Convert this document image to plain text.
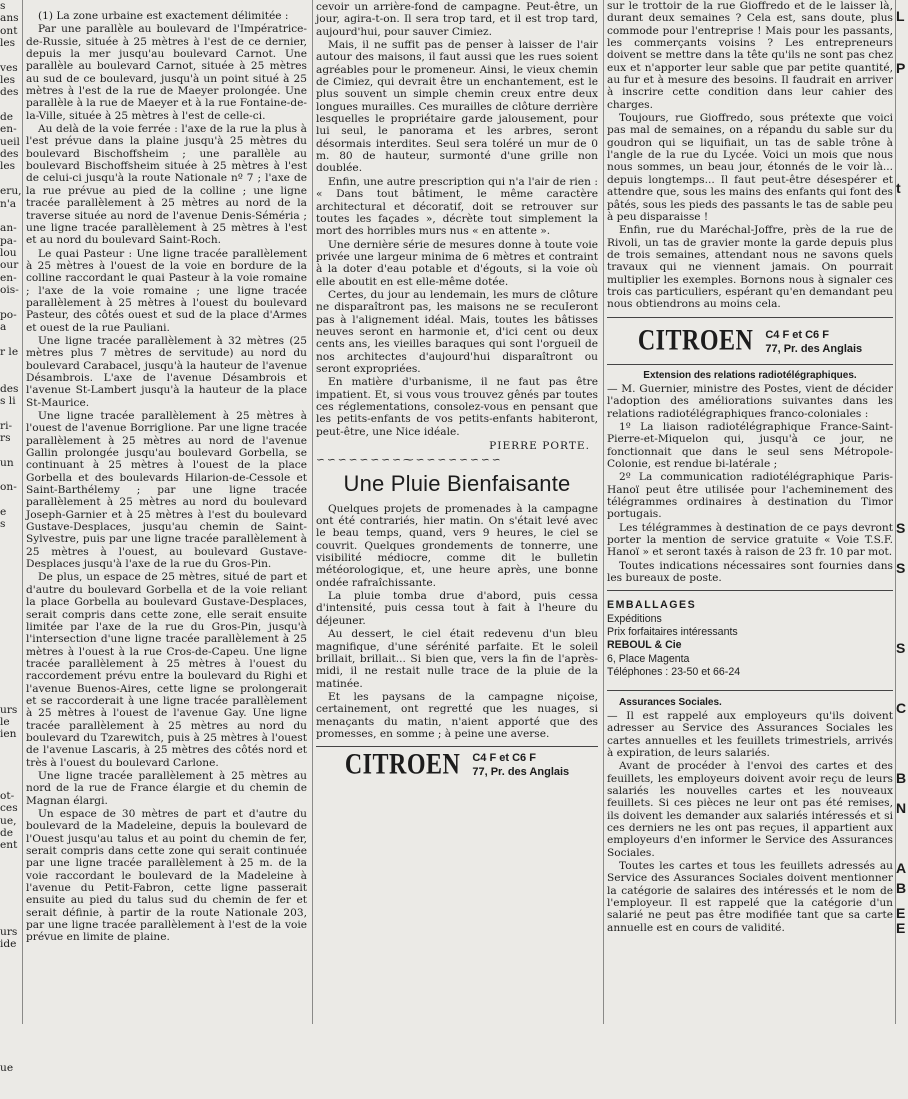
s
ans
ont
les

ves
les
des

de
en-
ueil
des
les

eru,
n'a

an-
pa-
lou
our
en-
ois-

po-
a

r le

des
s li

ri-
rs

un

on-

e
s

urs
le
ien

ot-
ces
ue,
de
ent

urs
ide

ue

(1) La zone urbaine est exactement délimitée :

Par une parallèle au boulevard de l'Impératrice-de-Russie, située à 25 mètres à l'est de ce dernier, depuis la mer jusqu'au boulevard Carnot. Une parallèle au boulevard Carnot, située à 25 mètres au sud de ce boulevard, jusqu'à un point situé à 25 mètres à l'est de la rue de Maeyer prolongée. Une parallèle à la rue de Maeyer et à la rue Fontaine-de-la-Ville, située à 25 mètres à l'est de celle-ci.

Au delà de la voie ferrée : l'axe de la rue la plus à l'est prévue dans la plaine jusqu'à 25 mètres du boulevard Bischoffsheim ; une parallèle au boulevard Bischoffsheim située à 25 mètres à l'est de celui-ci jusqu'à la route Nationale nº 7 ; l'axe de la rue prévue au pied de la colline ; une ligne tracée parallèlement à 25 mètres au nord de la traverse située au nord de l'avenue Denis-Séméria ; une ligne tracée parallèlement à 25 mètres à l'est et au nord du boulevard Saint-Roch.

Le quai Pasteur : Une ligne tracée parallèlement à 25 mètres à l'ouest de la voie en bordure de la colline raccordant le quai Pasteur à la voie romaine ; l'axe de la voie romaine ; une ligne tracée parallèlement à 25 mètres à l'ouest du boulevard Pasteur, des côtés ouest et sud de la place d'Armes et ouest de la rue Pauliani.

Une ligne tracée parallèlement à 32 mètres (25 mètres plus 7 mètres de servitude) au nord du boulevard Carabacel, jusqu'à la hauteur de l'avenue Désambrois. L'axe de l'avenue Désambrois et l'avenue St-Lambert jusqu'à la hauteur de la place St-Maurice.

Une ligne tracée parallèlement à 25 mètres à l'ouest de l'avenue Borriglione. Par une ligne tracée parallèlement à 25 mètres au nord de l'avenue Gallin prolongée jusqu'au boulevard Gorbella, se continuant à 25 mètres à l'ouest de la place Gorbella et des boulevards Hilarion-de-Cessole et Saint-Barthélemy ; par une ligne tracée parallèlement à 25 mètres au nord du boulevard Joseph-Garnier et à 25 mètres à l'est du boulevard Gustave-Desplaces, jusqu'au chemin de Saint-Sylvestre, puis par une ligne tracée parallèlement à 25 mètres à l'ouest, au boulevard Gustave-Desplaces jusqu'à l'axe de la rue du Gros-Pin.

De plus, un espace de 25 mètres, situé de part et d'autre du boulevard Gorbella et de la voie reliant la place Gorbella au boulevard Gustave-Desplaces, serait compris dans cette zone, elle serait ensuite limitée par l'axe de la rue du Gros-Pin, jusqu'à l'intersection d'une ligne tracée parallèlement à 25 mètres à l'ouest à la rue Cros-de-Capeu. Une ligne tracée parallèlement à 25 mètres à l'ouest du raccordement prévu entre la boulevard du Righi et l'avenue Buenos-Aires, cette ligne se prolongerait et se raccorderait à une ligne tracée parallèlement à 25 mètres à l'ouest de l'avenue Gay. Une ligne tracée parallèlement à 25 mètres au nord du boulevard du Tzarewitch, puis à 25 mètres à l'ouest de l'avenue Lascaris, à 25 mètres des côtés nord et très à l'ouest du boulevard Carlone.

Une ligne tracée parallèlement à 25 mètres au nord de la rue de France élargie et du chemin de Magnan élargi.

Un espace de 30 mètres de part et d'autre du boulevard de la Madeleine, depuis la boulevard de l'Ouest jusqu'au talus et au point du chemin de fer, serait compris dans cette zone qui serait continuée par une ligne tracée parallèlement à 25 m. de la voie raccordant le boulevard de la Madeleine à l'avenue du Petit-Fabron, cette ligne passerait ensuite au pied du talus sud du chemin de fer et serait définie, à partir de la route Nationale 203, par une ligne tracée parallèlement à l'est de la voie prévue en limite de plaine.

cevoir un arrière-fond de campagne. Peut-être, un jour, agira-t-on. Il sera trop tard, et il est trop tard, aujourd'hui, pour sauver Cimiez.

Mais, il ne suffit pas de penser à laisser de l'air autour des maisons, il faut aussi que les rues soient agréables pour le promeneur. Ainsi, le vieux chemin de Cimiez, qui devrait être un enchantement, est le plus souvent un simple chemin creux entre deux longues murailles. Ces murailles de clôture derrière lesquelles le propriétaire garde jalousement, pour lui seul, le panorama et les arbres, seront désormais interdites. Seul sera toléré un mur de 0 m. 80 de hauteur, surmonté d'une grille non doublée.

Enfin, une autre prescription qui n'a l'air de rien : « Dans tout bâtiment, le même caractère architectural et décoratif, doit se retrouver sur toutes les façades », décrète tout simplement la mort des horribles murs nus « en attente ».

Une dernière série de mesures donne à toute voie privée une largeur minima de 6 mètres et contraint à la doter d'eau potable et d'égouts, si la voie où elle aboutit en est elle-même dotée.

Certes, du jour au lendemain, les murs de clôture ne disparaîtront pas, les maisons ne se recuIeront pas à l'alignement idéal. Mais, toutes les bâtisses neuves seront en harmonie et, d'ici cent ou deux cents ans, les vieilles baraques qui sont l'orgueil de nos architectes d'aujourd'hui disparaîtront ou seront expropriées.

En matière d'urbanisme, il ne faut pas être impatient. Et, si vous vous trouvez gênés par toutes ces réglementations, consolez-vous en pensant que les petits-enfants de vos petits-enfants habiteront, peut-être, une Nice idéale.

PIERRE PORTE.

∽∽∽∽∽∽∽∽⁓∽∽∽∽∽∽∽∽

Une Pluie Bienfaisante

Quelques projets de promenades à la campagne ont été contrariés, hier matin. On s'était levé avec le beau temps, quand, vers 9 heures, le ciel se couvrit. Quelques grondements de tonnerre, une visibilité médiocre, comme dit le bulletin météorologique, et, une heure après, une bonne ondée rafraîchissante.

La pluie tomba drue d'abord, puis cessa d'intensité, puis cessa tout à fait à l'heure du déjeuner.

Au dessert, le ciel était redevenu d'un bleu magnifique, d'une sérénité parfaite. Et le soleil brillait, brillait... Si bien que, vers la fin de l'après-midi, il ne restait nulle trace de la pluie de la matinée.

Et les paysans de la campagne niçoise, certainement, ont regretté que les nuages, si menaçants du matin, n'aient apporté que des promesses, en somme ; à peine une averse.

CITROEN C4 F et C6 F
77, Pr. des Anglais

sur le trottoir de la rue Gioffredo et de le laisser là, durant deux semaines ? Cela est, sans doute, plus commode pour l'entreprise ! Mais pour les passants, les commerçants voisins ? Les entrepreneurs doivent se mettre dans la tête qu'ils ne sont pas chez eux et n'apporter leur sable que par petite quantité, au fur et à mesure des besoins. Il faudrait en arriver à inscrire cette condition dans leur cahier des charges.

Toujours, rue Gioffredo, sous prétexte que voici pas mal de semaines, on a répandu du sable sur du goudron qui se liquifiait, un tas de sable trône à l'angle de la rue du Lycée. Voici un mois que nous nous sommes, un beau jour, étonnés de le voir là... depuis longtemps... Il faut peut-être désespérer et attendre que, sous les mains des enfants qui font des pâtés, sous les pieds des passants le tas de sable peu à peu disparaisse !

Enfin, rue du Maréchal-Joffre, près de la rue de Rivoli, un tas de gravier monte la garde depuis plus de trois semaines, attendant nous ne savons quels travaux qui ne viennent jamais. On pourrait multiplier les exemples. Bornons nous à signaler ces trois cas particuliers, espérant qu'en demandant peu nous obtiendrons au moins cela.

CITROEN C4 F et C6 F
77, Pr. des Anglais

Extension des relations radiotélégraphiques.

— M. Guernier, ministre des Postes, vient de décider l'adoption des améliorations suivantes dans les relations radiotélégraphiques franco-coloniales :

1º La liaison radiotélégraphique France-Saint-Pierre-et-Miquelon qui, jusqu'à ce jour, ne fonctionnait que dans le seul sens Métropole-Colonie, est rendue bi-latérale ;

2º La communication radiotélégraphique Paris-Hanoï peut être utilisée pour l'acheminement des télégrammes ordinaires à destination du Timor portugais.

Les télégrammes à destination de ce pays devront porter la mention de service gratuite « Voie T.S.F. Hanoï » et seront taxés à raison de 23 fr. 10 par mot.

Toutes indications nécessaires sont fournies dans les bureaux de poste.

EMBALLAGES

Expéditions

Prix forfaitaires intéressants

REBOUL & Cie

6, Place Magenta

Téléphones : 23-50 et 66-24

Assurances Sociales.

— Il est rappelé aux employeurs qu'ils doivent adresser au Service des Assurances Sociales les cartes annuelles et les feuillets trimestriels, arrivés à expiration, de leurs salariés.

Avant de procéder à l'envoi des cartes et des feuillets, les employeurs doivent avoir reçu de leurs salariés les nouvelles cartes et les nouveaux feuillets. Si ces pièces ne leur ont pas été remises, ils doivent les demander aux salariés intéressés et si ces derniers ne les ont pas reçues, il appartient aux employeurs d'en informer le Service des Assurances Sociales.

Toutes les cartes et tous les feuillets adressés au Service des Assurances Sociales doivent mentionner la catégorie de salaires des intéressés et le nom de l'employeur. Il est rappelé que la catégorie d'un salarié ne peut pas être modifiée tant que sa carte annuelle est en cours de validité.

L
P
t
S
S
S
C
B
N
A
B
E
E
